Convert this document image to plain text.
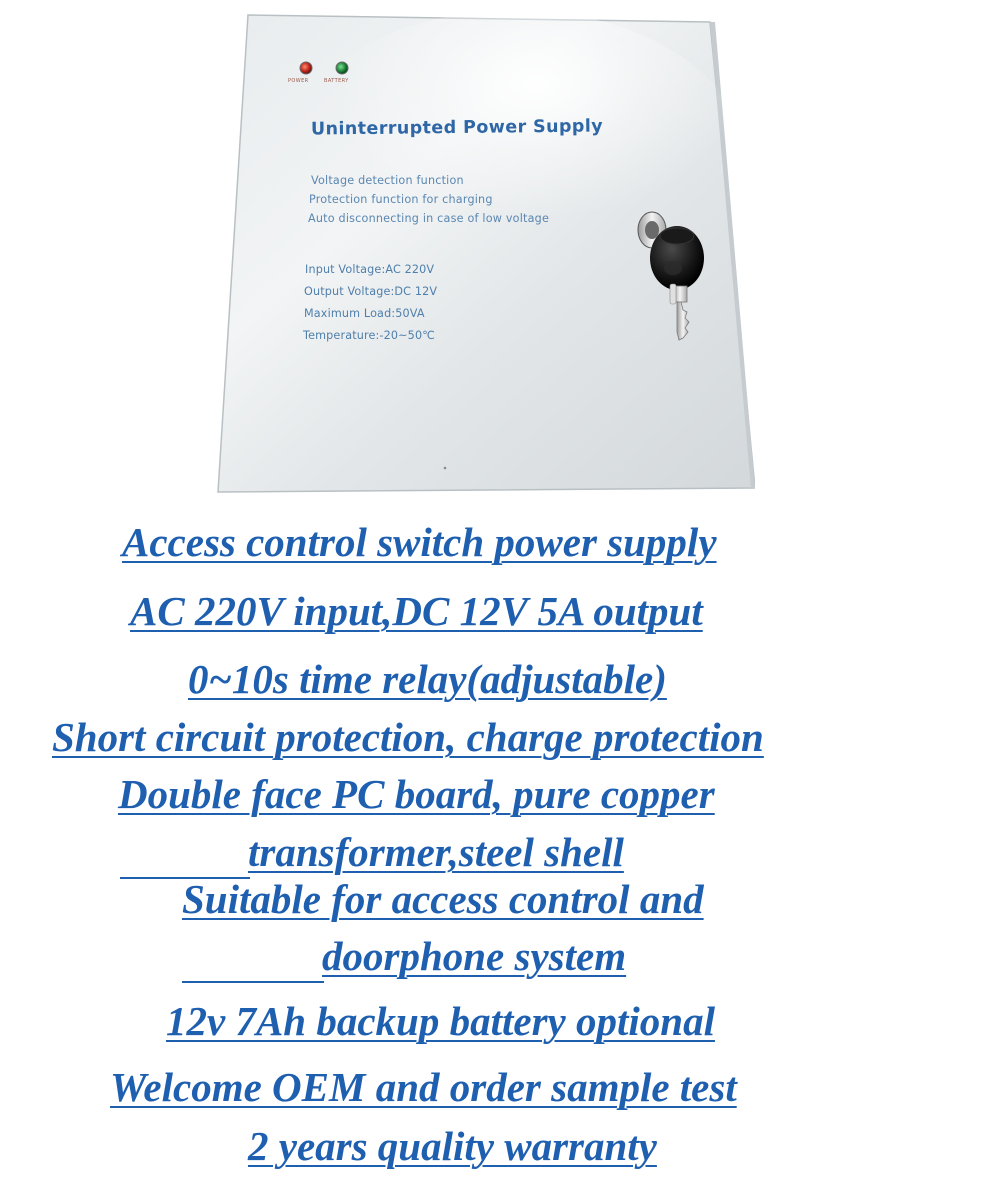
POWER	BATTERY
Uninterrupted Power Supply
Voltage detection function
Protection function for charging
Auto disconnecting in case of low voltage
Input Voltage:AC 220V
Output Voltage:DC 12V
Maximum Load:50VA
Temperature:-20~50℃

Access control switch power supply

AC 220V input,DC 12V 5A output

0~10s time relay(adjustable)

Short circuit protection, charge protection

Double face PC board, pure copper

transformer,steel shell

Suitable for access control and

doorphone system

12v 7Ah backup battery optional

Welcome OEM and order sample test

2 years quality warranty
